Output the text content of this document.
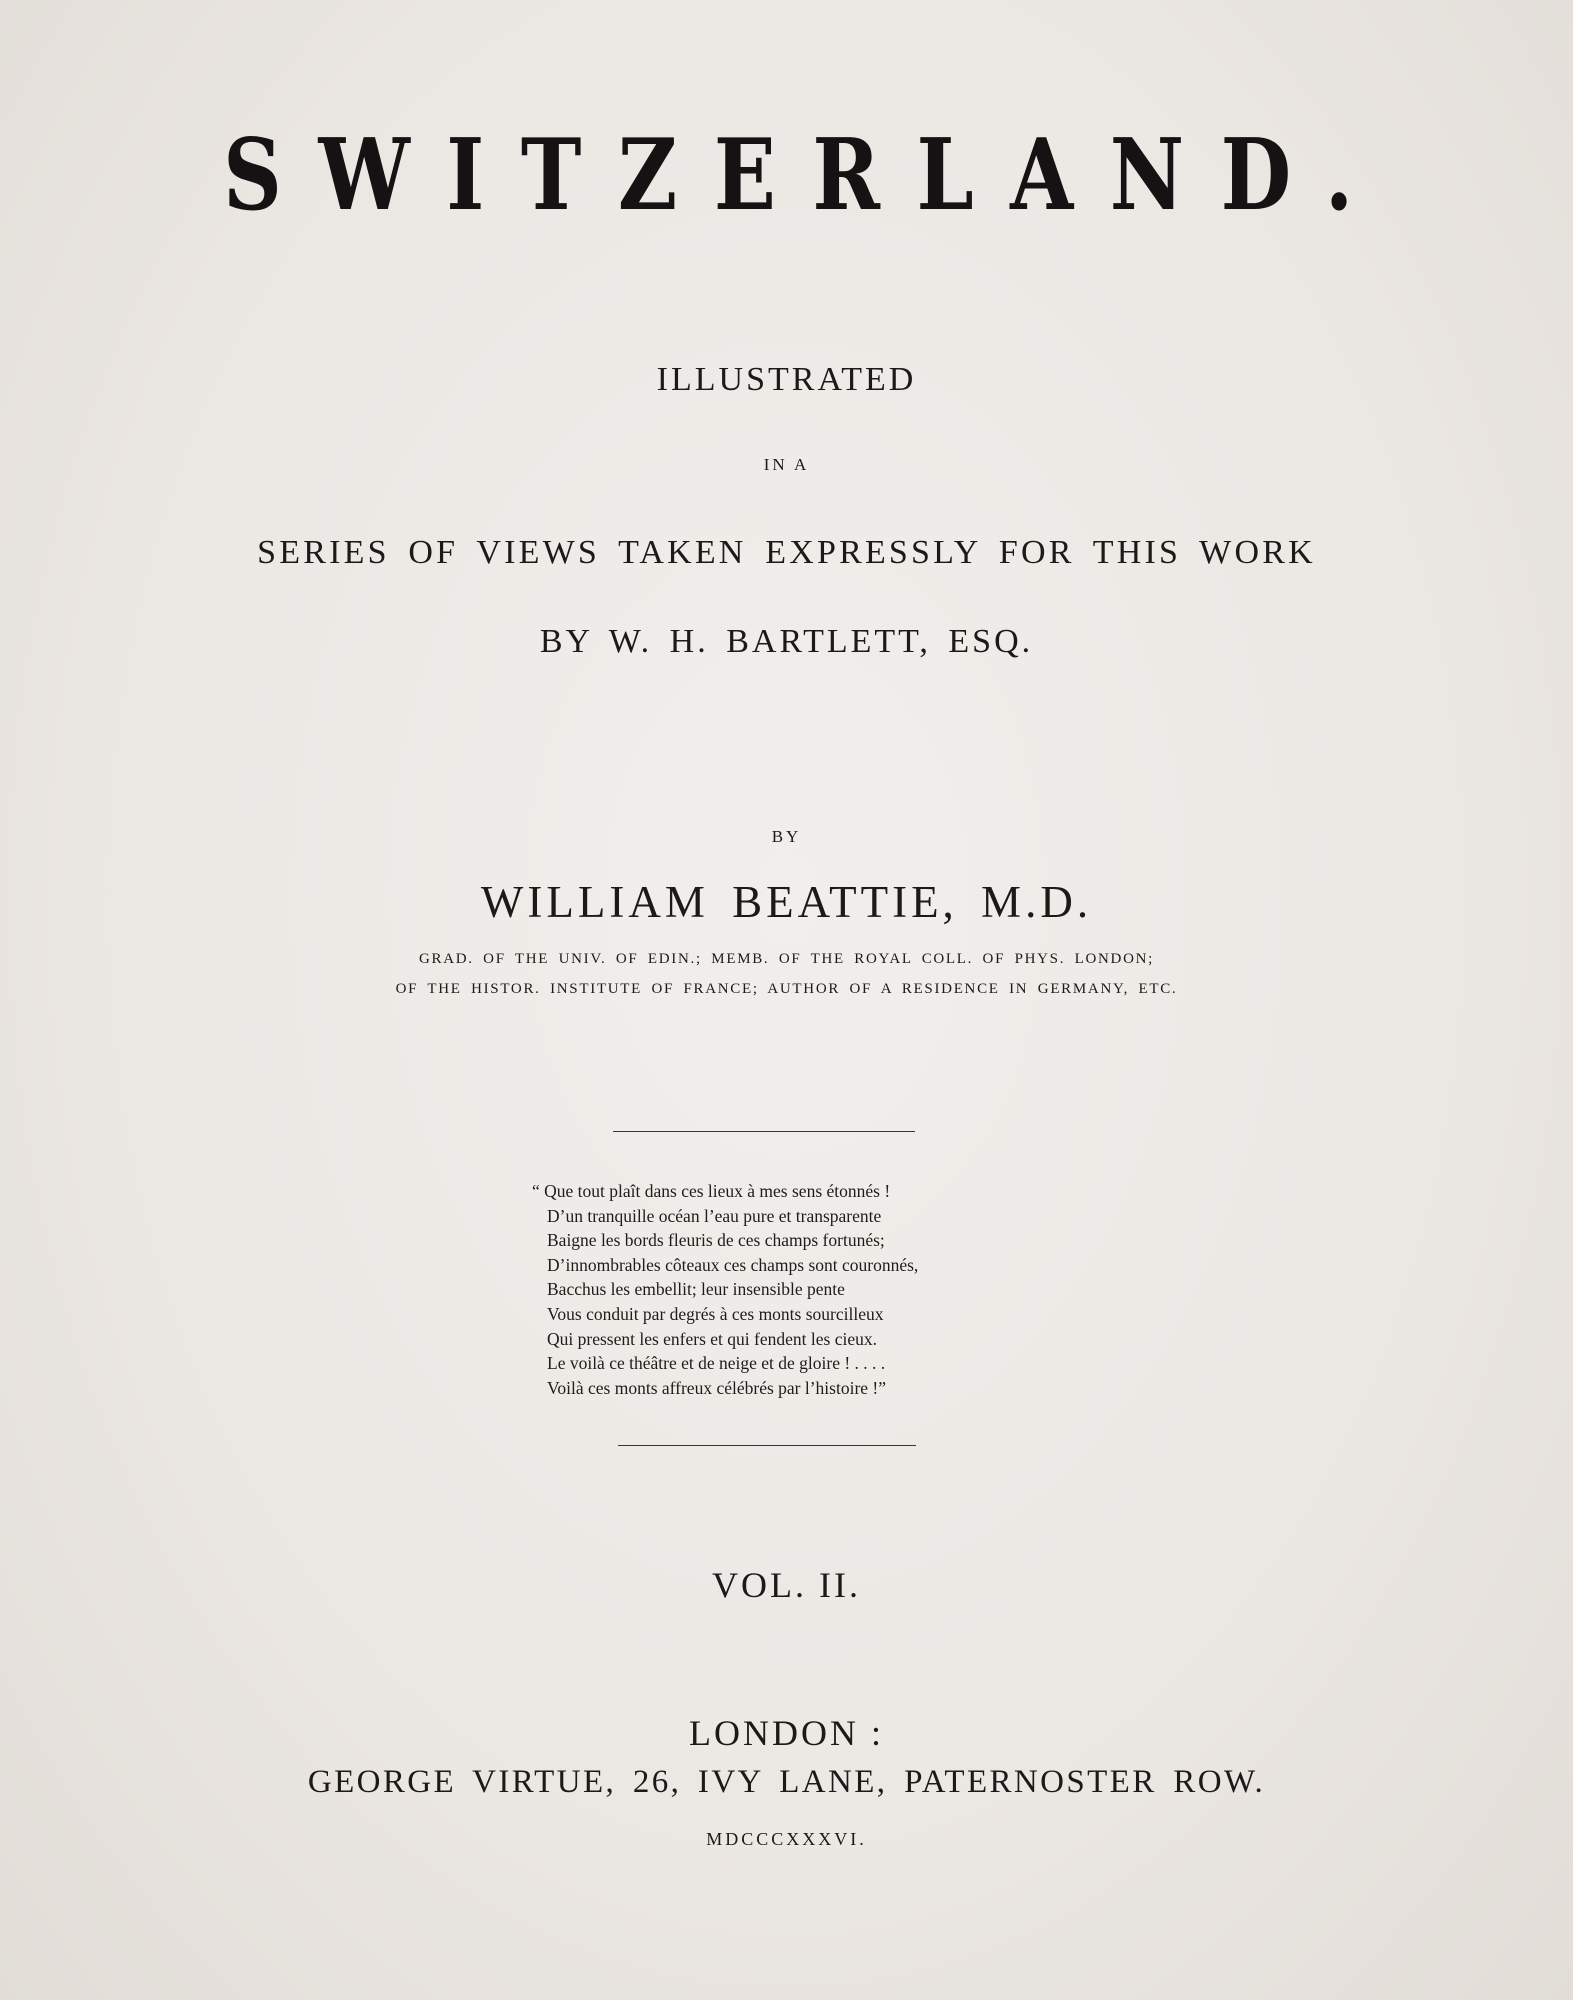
SWITZERLAND.
ILLUSTRATED
IN A
SERIES OF VIEWS TAKEN EXPRESSLY FOR THIS WORK
BY W. H. BARTLETT, ESQ.
BY
WILLIAM BEATTIE, M.D.
GRAD. OF THE UNIV. OF EDIN.; MEMB. OF THE ROYAL COLL. OF PHYS. LONDON;
OF THE HISTOR. INSTITUTE OF FRANCE; AUTHOR OF A RESIDENCE IN GERMANY, ETC.
“ Que tout plaît dans ces lieux à mes sens étonnés !
D’un tranquille océan l’eau pure et transparente
Baigne les bords fleuris de ces champs fortunés;
D’innombrables côteaux ces champs sont couronnés,
Bacchus les embellit; leur insensible pente
Vous conduit par degrés à ces monts sourcilleux
Qui pressent les enfers et qui fendent les cieux.
Le voilà ce théâtre et de neige et de gloire ! . . . .
Voilà ces monts affreux célébrés par l’histoire !”
VOL. II.
LONDON :
GEORGE VIRTUE, 26, IVY LANE, PATERNOSTER ROW.
MDCCCXXXVI.
